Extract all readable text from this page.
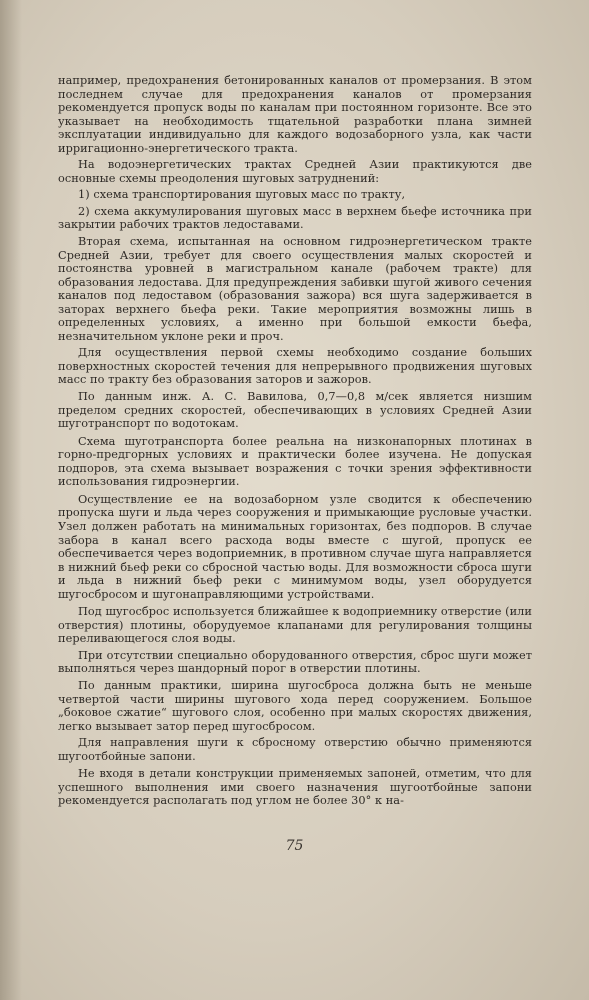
например, предохранения бетонированных каналов от промерзания. В этом последнем случае для предохранения каналов от промерзания рекомендуется пропуск воды по каналам при постоянном горизонте. Все это указывает на необходимость тщательной разработки плана зимней эксплуатации индивидуально для каждого водозаборного узла, как части ирригационно-энергетического тракта.

На водоэнергетических трактах Средней Азии практикуются две основные схемы преодоления шуговых затруднений:

1) схема транспортирования шуговых масс по тракту,

2) схема аккумулирования шуговых масс в верхнем бьефе источника при закрытии рабочих трактов ледоставами.

Вторая схема, испытанная на основном гидроэнергетическом тракте Средней Азии, требует для своего осуществления малых скоростей и постоянства уровней в магистральном канале (рабочем тракте) для образования ледостава. Для предупреждения забивки шугой живого сечения каналов под ледоставом (образования зажора) вся шуга задерживается в заторах верхнего бьефа реки. Такие мероприятия возможны лишь в определенных условиях, а именно при большой емкости бьефа, незначительном уклоне реки и проч.

Для осуществления первой схемы необходимо создание больших поверхностных скоростей течения для непрерывного продвижения шуговых масс по тракту без образования заторов и зажоров.

По данным инж. А. С. Вавилова, 0,7—0,8 м/сек является низшим пределом средних скоростей, обеспечивающих в условиях Средней Азии шуготранспорт по водотокам.

Схема шуготранспорта более реальна на низконапорных плотинах в горно-предгорных условиях и практически более изучена. Не допуская подпоров, эта схема вызывает возражения с точки зрения эффективности использования гидроэнергии.

Осуществление ее на водозаборном узле сводится к обеспечению пропуска шуги и льда через сооружения и примыкающие русловые участки. Узел должен работать на минимальных горизонтах, без подпоров. В случае забора в канал всего расхода воды вместе с шугой, пропуск ее обеспечивается через водоприемник, в противном случае шуга направляется в нижний бьеф реки со сбросной частью воды. Для возможности сброса шуги и льда в нижний бьеф реки с минимумом воды, узел оборудуется шугосбросом и шугонаправляющими устройствами.

Под шугосброс используется ближайшее к водоприемнику отверстие (или отверстия) плотины, оборудуемое клапанами для регулирования толщины переливающегося слоя воды.

При отсутствии специально оборудованного отверстия, сброс шуги может выполняться через шандорный порог в отверстии плотины.

По данным практики, ширина шугосброса должна быть не меньше четвертой части ширины шугового хода перед сооружением. Большое „боковое сжатие“ шугового слоя, особенно при малых скоростях движения, легко вызывает затор перед шугосбросом.

Для направления шуги к сбросному отверстию обычно применяются шугоотбойные запони.

Не входя в детали конструкции применяемых запоней, отметим, что для успешного выполнения ими своего назначения шугоотбойные запони рекомендуется располагать под углом не более 30° к на-

75
